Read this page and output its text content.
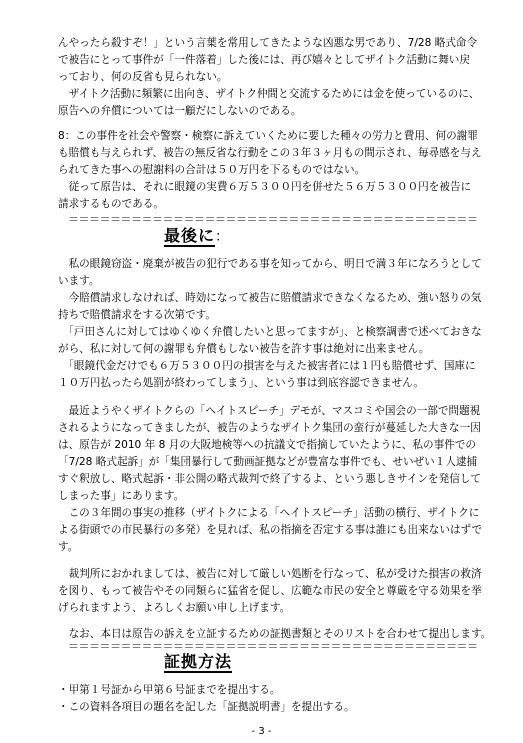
んやったら殺すぞ！」という言葉を常用してきたような凶悪な男であり、7/28 略式命令
で被告にとって事件が「一件落着」した後には、再び嬉々としてザイトク活動に舞い戻
っており、何の反省も見られない。
　ザイトク活動に頻繁に出向き、ザイトク仲間と交流するためには金を使っているのに、
原告への弁償については一顧だにしないのである。
8：この事件を社会や警察・検察に訴えていくために要した種々の労力と費用、何の謝罪
も賠償も与えられず、被告の無反省な行動をこの３年３ヶ月もの間示され、毎尋感を与え
られてきた事への慰謝料の合計は５０万円を下るものではない。
　従って原告は、それに眼鏡の実費６万５３００円を併せた５６万５３００円を被告に
請求するものである。
＝＝＝＝＝＝＝＝＝＝＝＝＝＝＝＝＝＝＝＝＝＝＝＝＝＝＝＝＝＝＝＝＝＝＝＝＝＝＝
最後に：
　私の眼鏡窃盗・廃棄が被告の犯行である事を知ってから、明日で満３年になろうとして
います。
　今賠償請求しなければ、時効になって被告に賠償請求できなくなるため、強い怒りの気
持ちで賠償請求をする次第です。
　「戸田さんに対してはゆくゆく弁償したいと思ってますが」、と検察調書で述べておきな
がら、私に対して何の謝罪も弁償もしない被告を許す事は絶対に出来ません。
　「眼鏡代金だけでも６万５３００円の損害を与えた被害者には１円も賠償せず、国庫に
１０万円払ったら処罰が終わってしまう」、という事は到底容認できません。
　最近ようやくザイトクらの「ヘイトスピーチ」デモが、マスコミや国会の一部で問題視
されるようになってきましたが、被告のようなザイトク集団の蛮行が蔓延した大きな一因
は、原告が 2010 年 8 月の大阪地検等への抗議文で指摘していたように、私の事件での
「7/28 略式起訴」が「集団暴行して動画証拠などが豊富な事件でも、せいぜい１人逮捕
すぐ釈放し、略式起訴・非公開の略式裁判で終了するよ、という悪しきサインを発信して
しまった事」にあります。
　この３年間の事実の推移（ザイトクによる「ヘイトスピーチ」活動の横行、ザイトクに
よる街頭での市民暴行の多発）を見れば、私の指摘を否定する事は誰にも出来ないはずで
す。
　裁判所におかれましては、被告に対して厳しい処断を行なって、私が受けた損害の救済
を図り、もって被告やその同類らに猛省を促し、広範な市民の安全と尊厳を守る効果を挙
げられますよう、よろしくお願い申し上げます。
　なお、本日は原告の訴えを立証するための証拠書類とそのリストを合わせて提出します。
＝＝＝＝＝＝＝＝＝＝＝＝＝＝＝＝＝＝＝＝＝＝＝＝＝＝＝＝＝＝＝＝＝＝＝＝＝＝＝
証拠方法
・甲第１号証から甲第６号証までを提出する。
・この資料各項目の題名を記した「証拠説明書」を提出する。
- 3 -
